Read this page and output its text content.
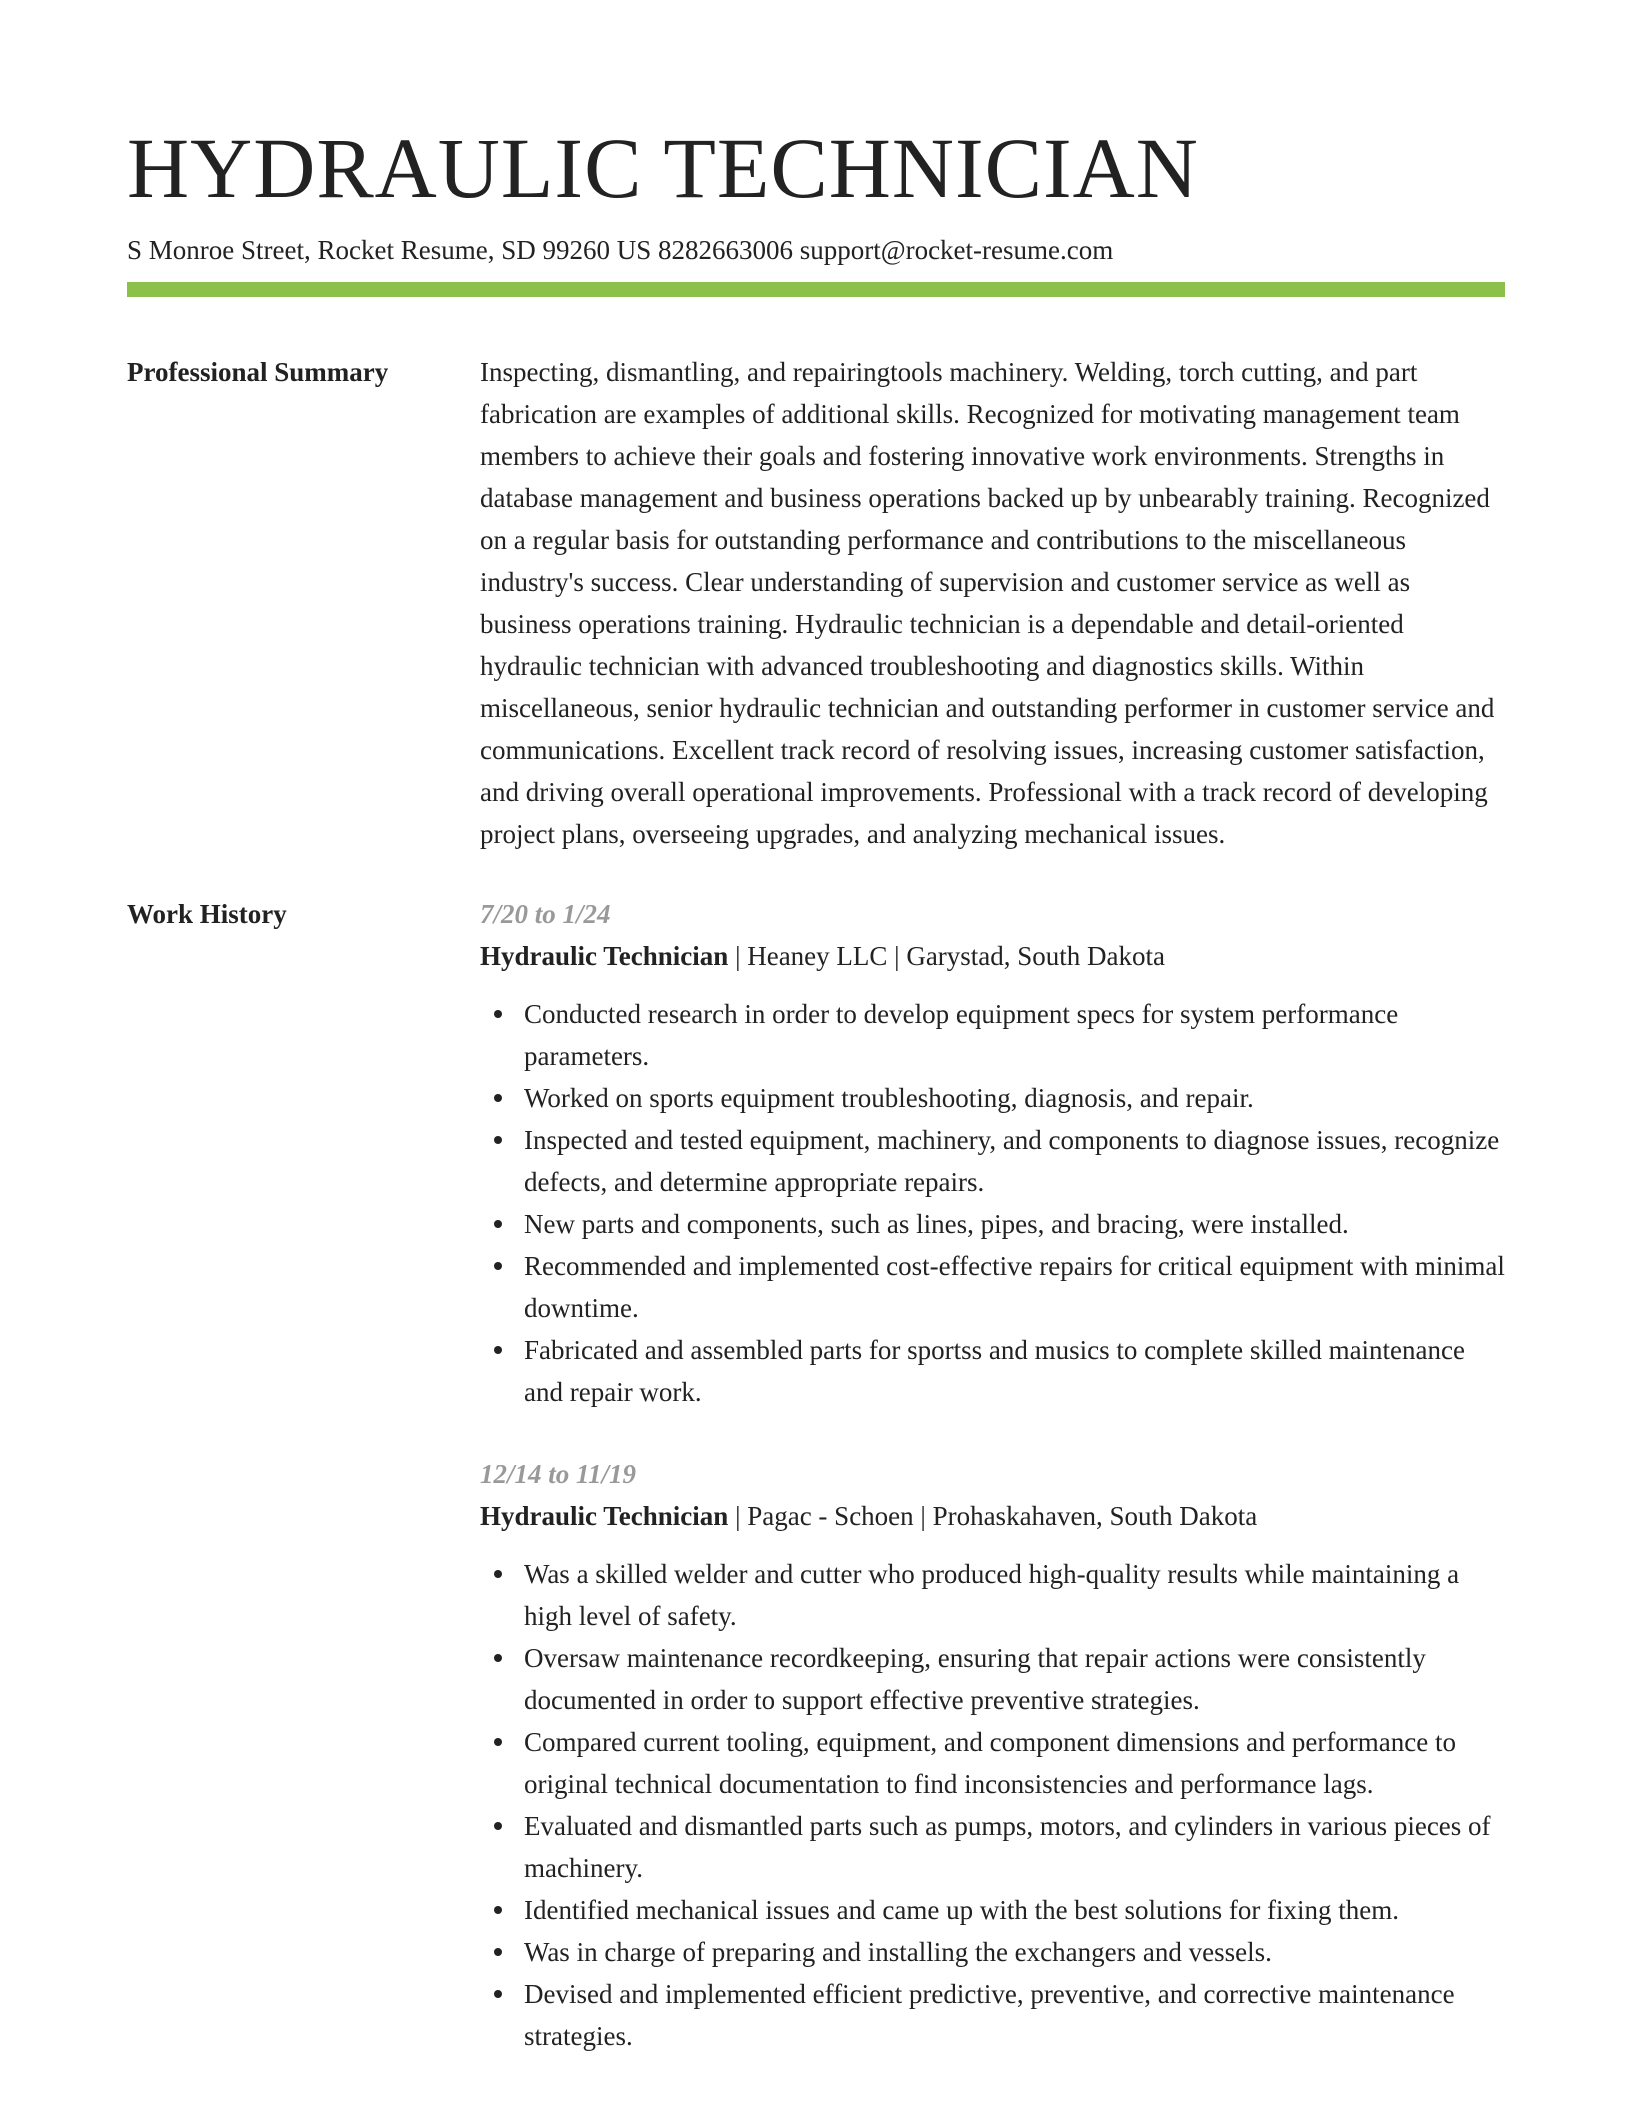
HYDRAULIC TECHNICIAN
S Monroe Street, Rocket Resume, SD 99260 US 8282663006 support@rocket-resume.com
Professional Summary	Inspecting, dismantling, and repairingtools machinery. Welding, torch cutting, and part fabrication are examples of additional skills. Recognized for motivating management team members to achieve their goals and fostering innovative work environments. Strengths in database management and business operations backed up by unbearably training. Recognized on a regular basis for outstanding performance and contributions to the miscellaneous industry's success. Clear understanding of supervision and customer service as well as business operations training. Hydraulic technician is a dependable and detail-oriented hydraulic technician with advanced troubleshooting and diagnostics skills. Within miscellaneous, senior hydraulic technician and outstanding performer in customer service and communications. Excellent track record of resolving issues, increasing customer satisfaction, and driving overall operational improvements. Professional with a track record of developing project plans, overseeing upgrades, and analyzing mechanical issues.

Work History	7/20 to 1/24
Hydraulic Technician | Heaney LLC | Garystad, South Dakota
Conducted research in order to develop equipment specs for system performance parameters.
Worked on sports equipment troubleshooting, diagnosis, and repair.
Inspected and tested equipment, machinery, and components to diagnose issues, recognize defects, and determine appropriate repairs.
New parts and components, such as lines, pipes, and bracing, were installed.
Recommended and implemented cost-effective repairs for critical equipment with minimal downtime.
Fabricated and assembled parts for sportss and musics to complete skilled maintenance and repair work.
12/14 to 11/19
Hydraulic Technician | Pagac - Schoen | Prohaskahaven, South Dakota
Was a skilled welder and cutter who produced high-quality results while maintaining a high level of safety.
Oversaw maintenance recordkeeping, ensuring that repair actions were consistently documented in order to support effective preventive strategies.
Compared current tooling, equipment, and component dimensions and performance to original technical documentation to find inconsistencies and performance lags.
Evaluated and dismantled parts such as pumps, motors, and cylinders in various pieces of machinery.
Identified mechanical issues and came up with the best solutions for fixing them.
Was in charge of preparing and installing the exchangers and vessels.
Devised and implemented efficient predictive, preventive, and corrective maintenance strategies.
